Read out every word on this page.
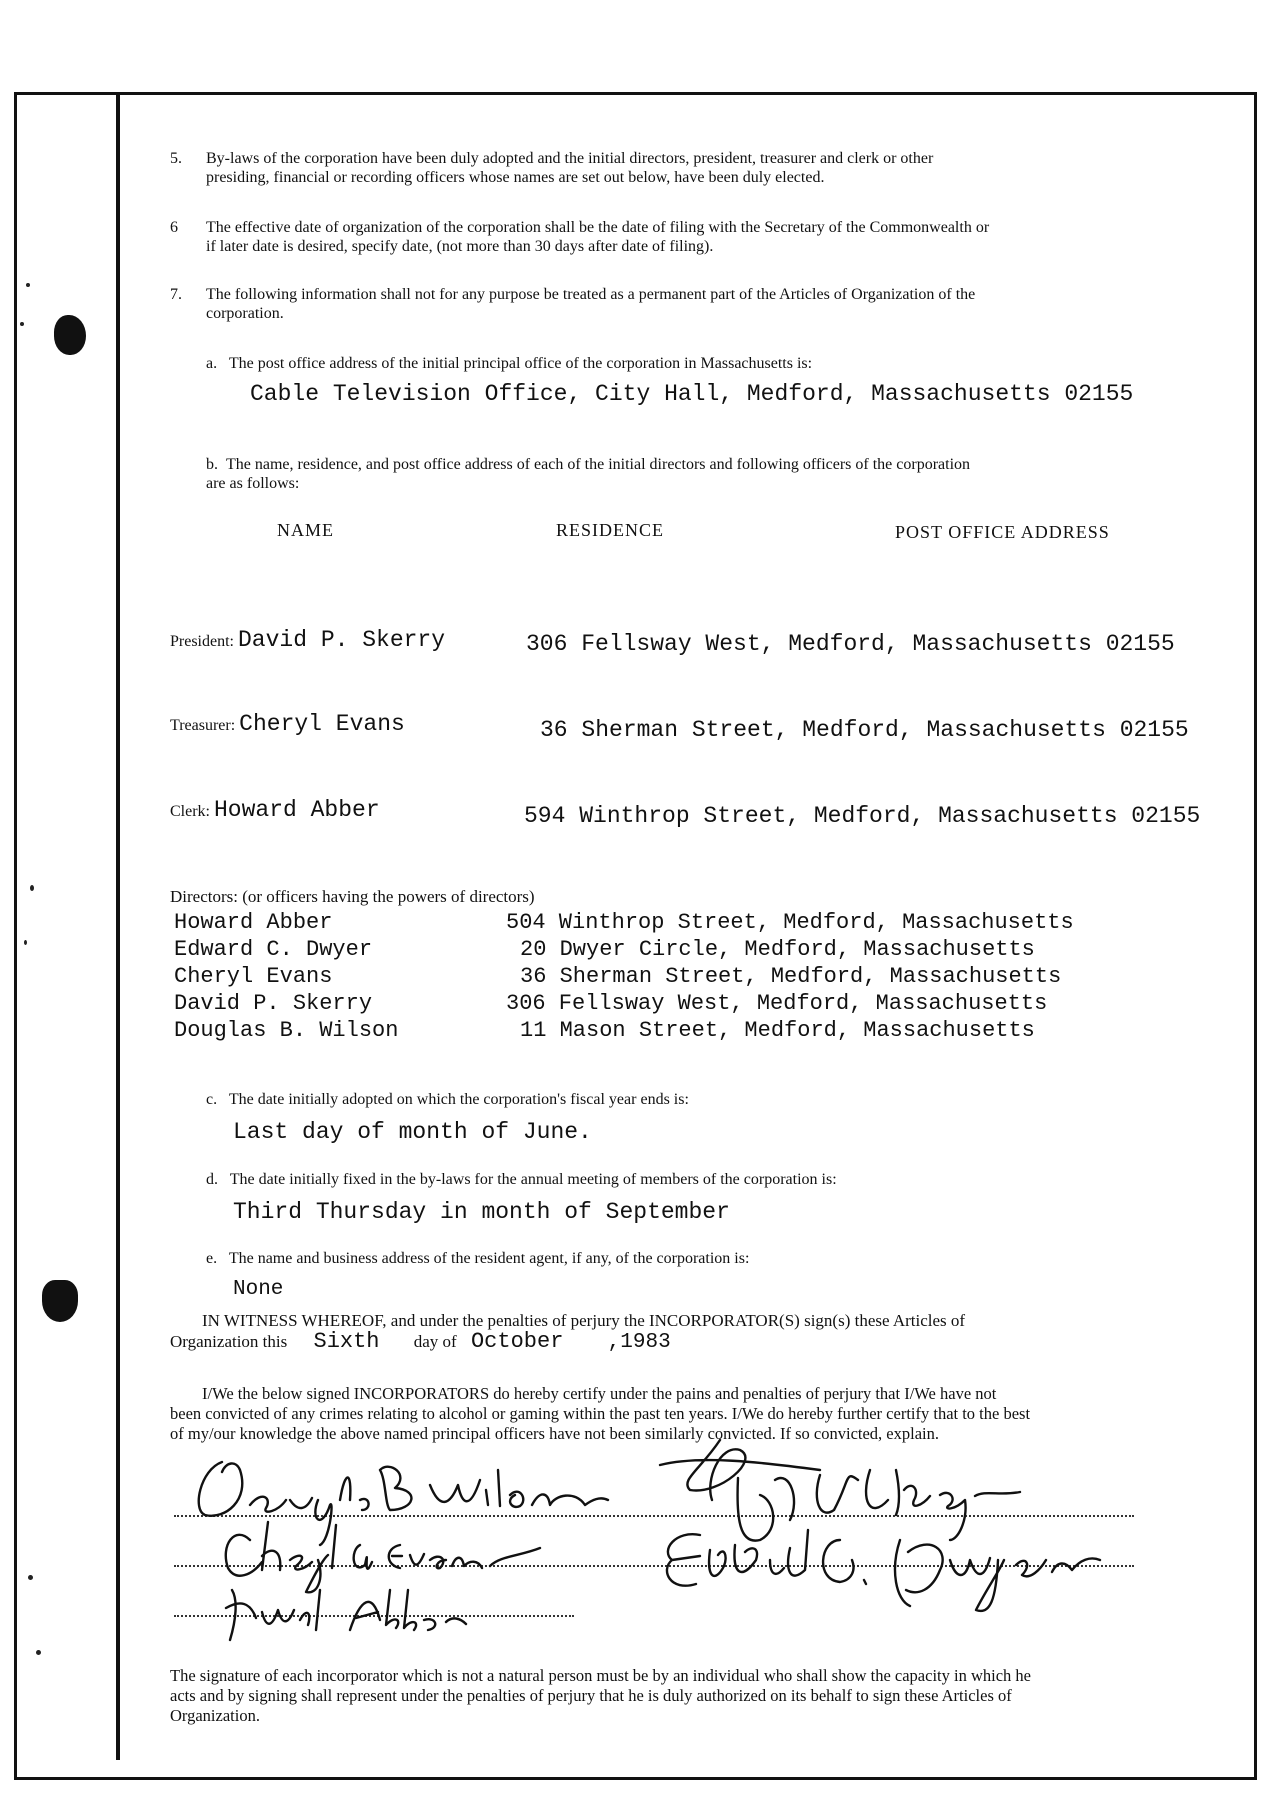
5. By-laws of the corporation have been duly adopted and the initial directors, president, treasurer and clerk or other
presiding, financial or recording officers whose names are set out below, have been duly elected.
6 The effective date of organization of the corporation shall be the date of filing with the Secretary of the Commonwealth or
if later date is desired, specify date, (not more than 30 days after date of filing).
7. The following information shall not for any purpose be treated as a permanent part of the Articles of Organization of the
corporation.
a. The post office address of the initial principal office of the corporation in Massachusetts is:
Cable Television Office, City Hall, Medford, Massachusetts 02155
b. The name, residence, and post office address of each of the initial directors and following officers of the corporation
are as follows:
NAME	RESIDENCE	POST OFFICE ADDRESS
President: David P. Skerry	306 Fellsway West, Medford, Massachusetts 02155
Treasurer: Cheryl Evans	36 Sherman Street, Medford, Massachusetts 02155
Clerk: Howard Abber	594 Winthrop Street, Medford, Massachusetts 02155
Directors: (or officers having the powers of directors)
Howard Abber	504 Winthrop Street, Medford, Massachusetts
Edward C. Dwyer	20 Dwyer Circle, Medford, Massachusetts
Cheryl Evans	36 Sherman Street, Medford, Massachusetts
David P. Skerry	306 Fellsway West, Medford, Massachusetts
Douglas B. Wilson	11 Mason Street, Medford, Massachusetts
c. The date initially adopted on which the corporation's fiscal year ends is:
Last day of month of June.
d. The date initially fixed in the by-laws for the annual meeting of members of the corporation is:
Third Thursday in month of September
e. The name and business address of the resident agent, if any, of the corporation is:
None
IN WITNESS WHEREOF, and under the penalties of perjury the INCORPORATOR(S) sign(s) these Articles of
Organization this Sixth day of October ,1983
I/We the below signed INCORPORATORS do hereby certify under the pains and penalties of perjury that I/We have not
been convicted of any crimes relating to alcohol or gaming within the past ten years. I/We do hereby further certify that to the best
of my/our knowledge the above named principal officers have not been similarly convicted. If so convicted, explain.
The signature of each incorporator which is not a natural person must be by an individual who shall show the capacity in which he
acts and by signing shall represent under the penalties of perjury that he is duly authorized on its behalf to sign these Articles of
Organization.
